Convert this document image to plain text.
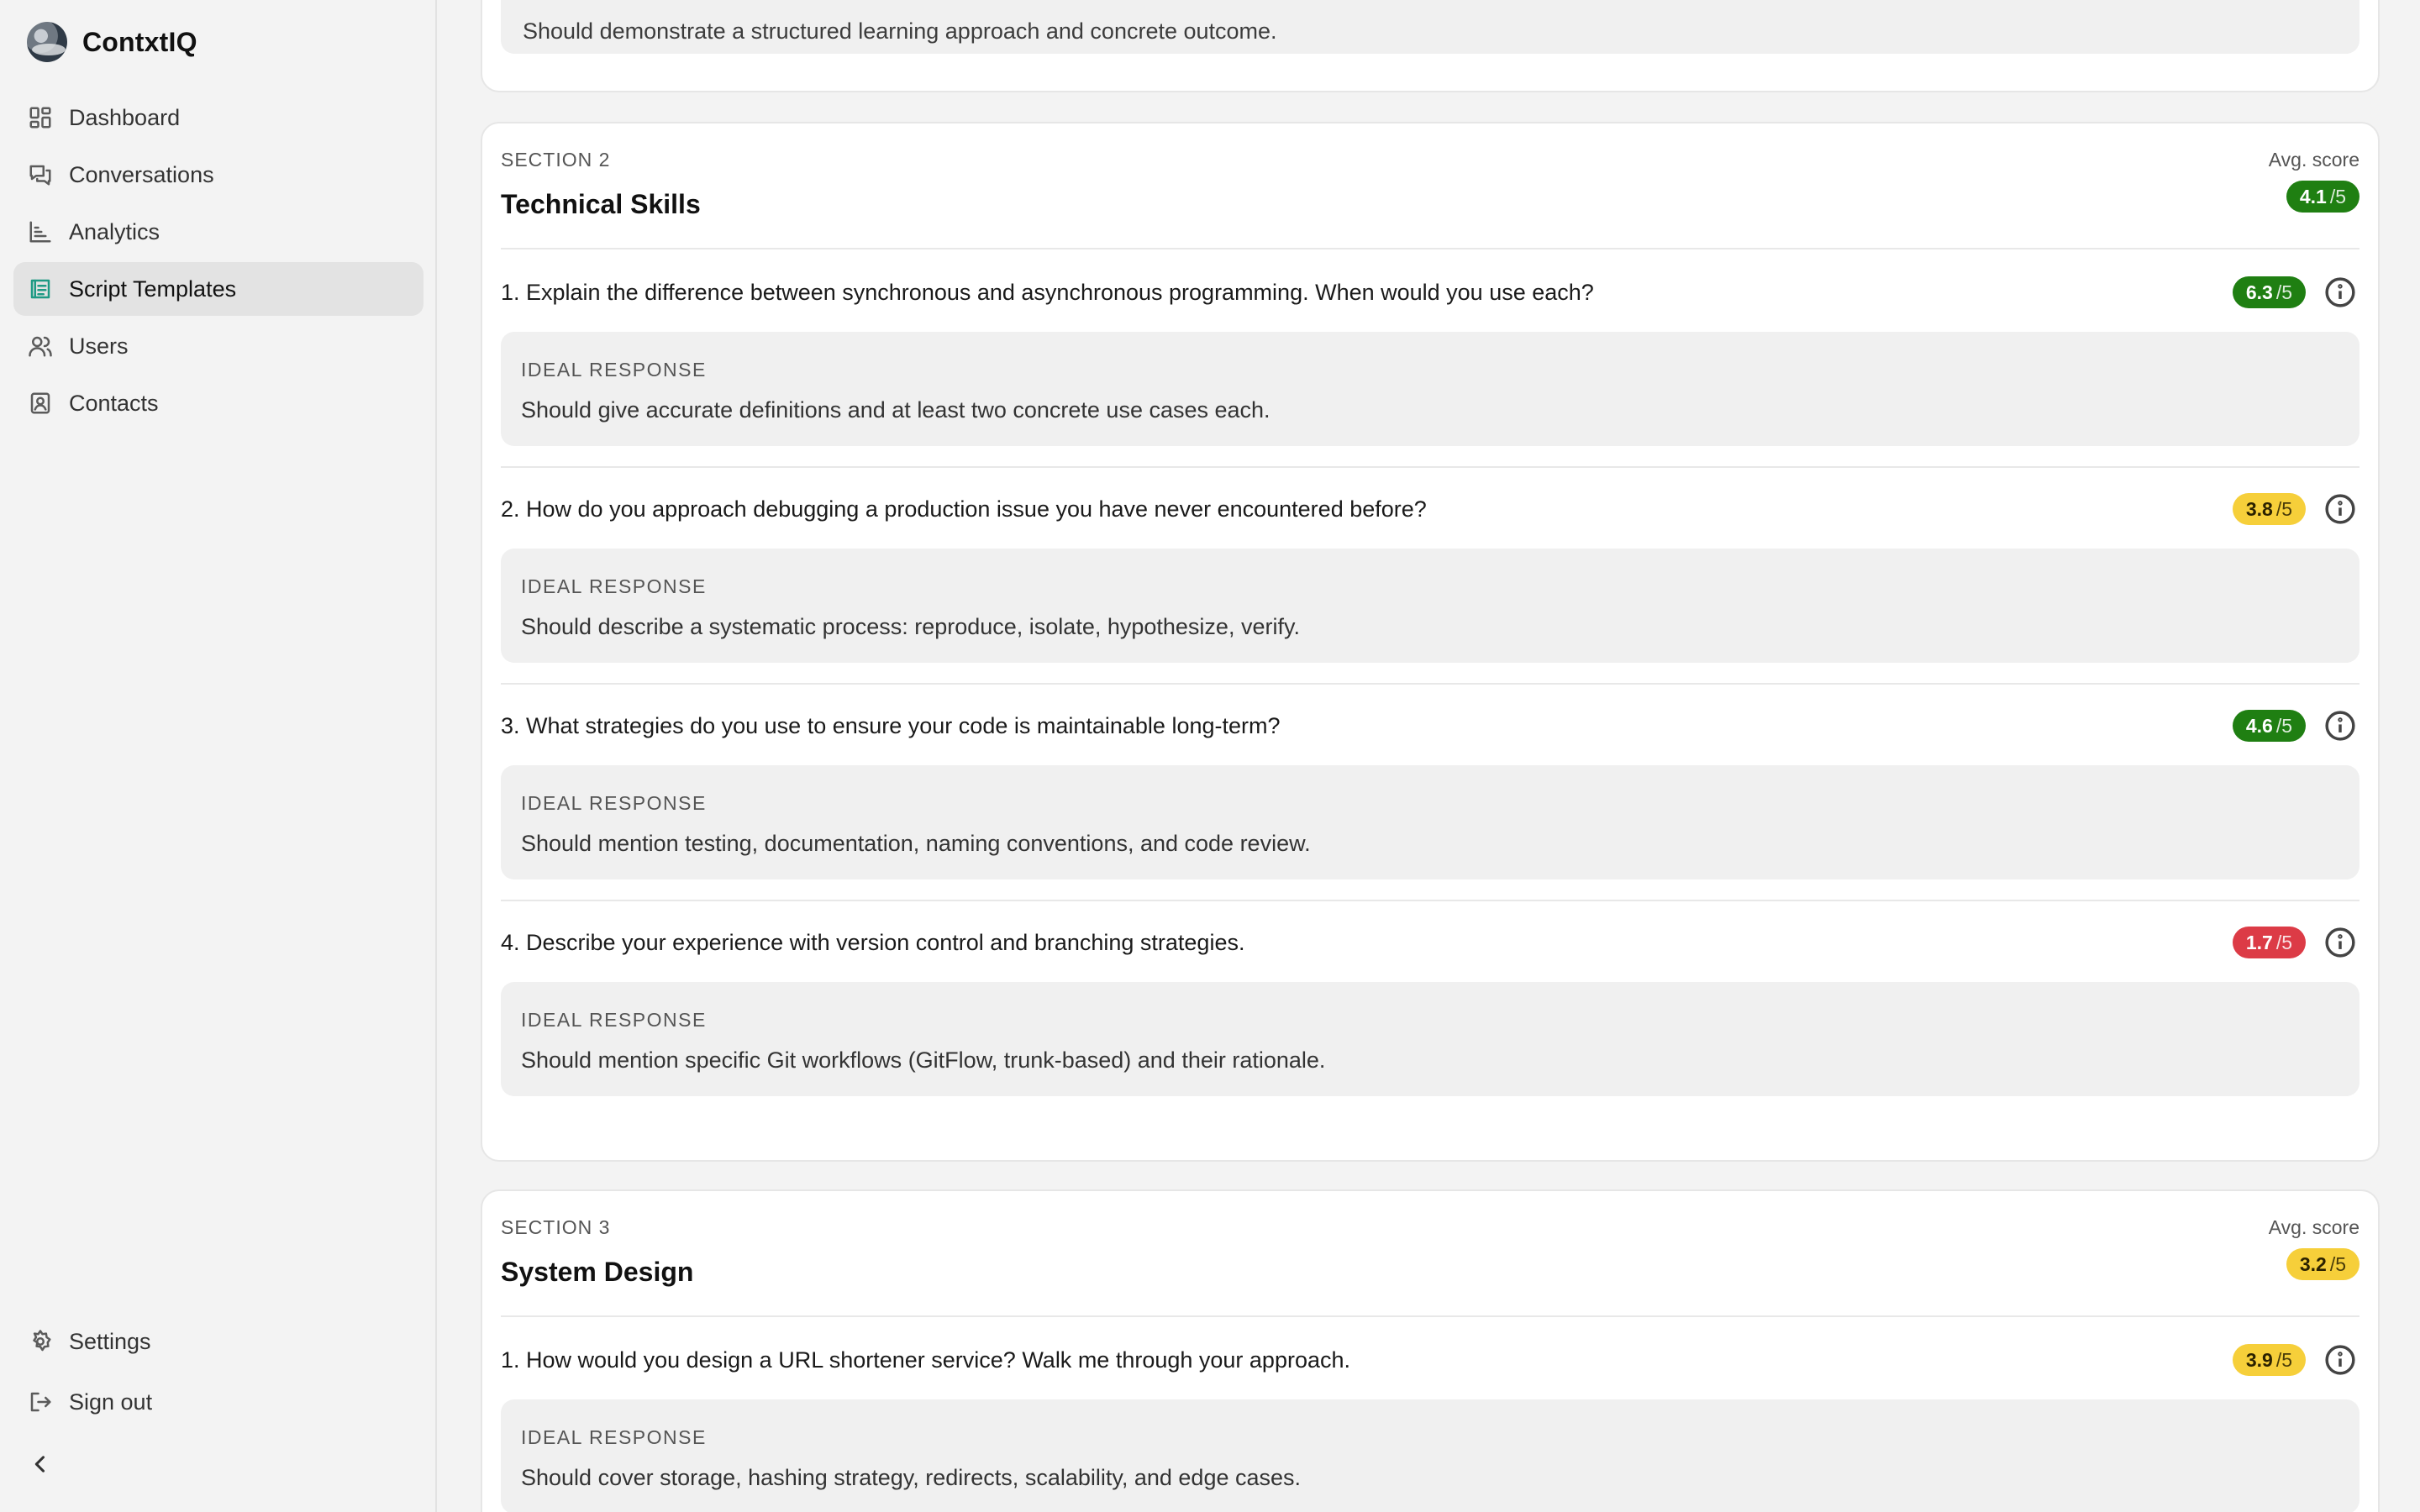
ContxtIQ
Dashboard
Conversations
Analytics
Script Templates
Users
Contacts
Settings
Sign out

Should demonstrate a structured learning approach and concrete outcome.

SECTION 2
Technical Skills
Avg. score
4.1 /5
1. Explain the difference between synchronous and asynchronous programming. When would you use each?	6.3 /5
IDEAL RESPONSE
Should give accurate definitions and at least two concrete use cases each.
2. How do you approach debugging a production issue you have never encountered before?	3.8 /5
IDEAL RESPONSE
Should describe a systematic process: reproduce, isolate, hypothesize, verify.
3. What strategies do you use to ensure your code is maintainable long-term?	4.6 /5
IDEAL RESPONSE
Should mention testing, documentation, naming conventions, and code review.
4. Describe your experience with version control and branching strategies.	1.7 /5
IDEAL RESPONSE
Should mention specific Git workflows (GitFlow, trunk-based) and their rationale.
SECTION 3
System Design
Avg. score
3.2 /5
1. How would you design a URL shortener service? Walk me through your approach.	3.9 /5
IDEAL RESPONSE
Should cover storage, hashing strategy, redirects, scalability, and edge cases.
